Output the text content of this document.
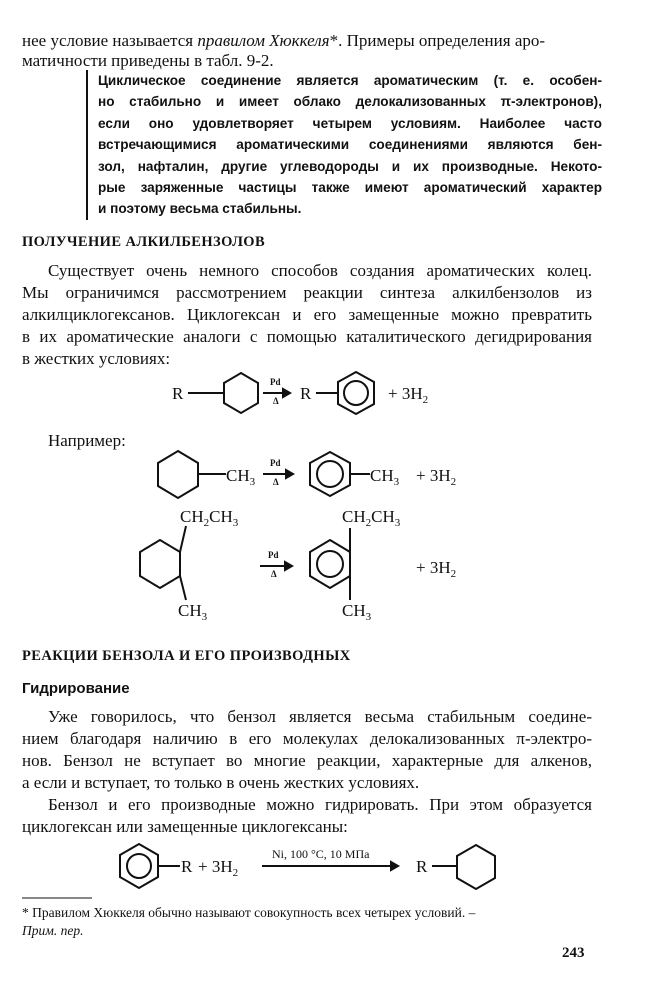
нее условие называется правилом Хюккеля*. Примеры определения аро-
матичности приведены в табл. 9-2.
Циклическое соединение является ароматическим (т. е. особен-
но стабильно и имеет облако делокализованных π-электронов),
если оно удовлетворяет четырем условиям. Наиболее часто
встречающимися ароматическими соединениями являются бен-
зол, нафталин, другие углеводороды и их производные. Некото-
рые заряженные частицы также имеют ароматический характер
и поэтому весьма стабильны.
ПОЛУЧЕНИЕ АЛКИЛБЕНЗОЛОВ
Существует очень немного способов создания ароматических колец.
Мы ограничимся рассмотрением реакции синтеза алкилбензолов из
алкилциклогексанов. Циклогексан и его замещенные можно превратить
в их ароматические аналоги с помощью каталитического дегидрирования
в жестких условиях:
R
Pd
Δ R	+ $3H_2$
$CH_3$
Pd
Δ	$CH_3 + 3H_2$
$CH_2CH_3$
$CH_3$
Pd
Δ
$CH_2CH_3$
$CH_3$
+ $3H_2$
$R + 3H_2$
Ni, 100 °C, 10 МПа
R
Например:
РЕАКЦИИ БЕНЗОЛА И ЕГО ПРОИЗВОДНЫХ
Гидрирование
Уже говорилось, что бензол является весьма стабильным соедине-
нием благодаря наличию в его молекулах делокализованных π-электро-
нов. Бензол не вступает во многие реакции, характерные для алкенов,
а если и вступает, то только в очень жестких условиях.
Бензол и его производные можно гидрировать. При этом образуется
циклогексан или замещенные циклогексаны:
* Правилом Хюккеля обычно называют совокупность всех четырех условий. –
Прим. пер.
243
